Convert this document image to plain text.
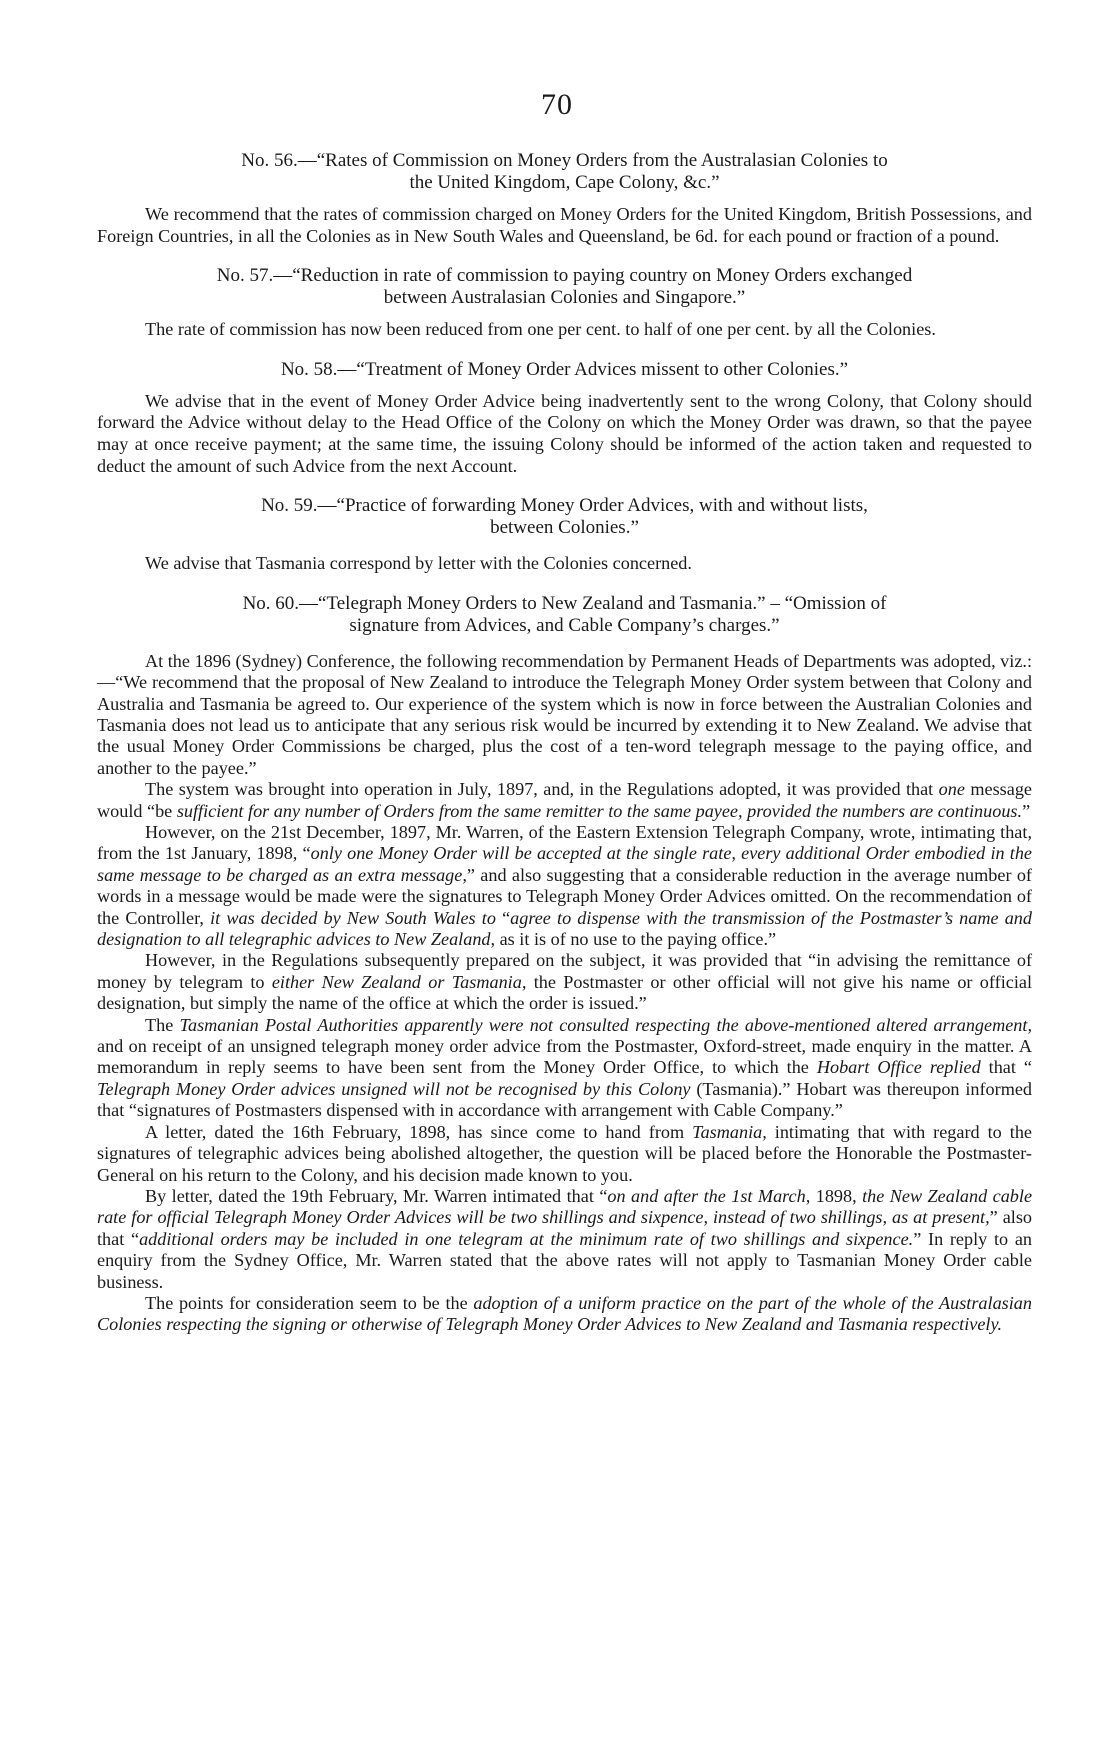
70
No. 56.—“Rates of Commission on Money Orders from the Australasian Colonies to
the United Kingdom, Cape Colony, &c.”

We recommend that the rates of commission charged on Money Orders for the United Kingdom, British Possessions, and Foreign Countries, in all the Colonies as in New South Wales and Queensland, be 6d. for each pound or fraction of a pound.

No. 57.—“Reduction in rate of commission to paying country on Money Orders exchanged
between Australasian Colonies and Singapore.”

The rate of commission has now been reduced from one per cent. to half of one per cent. by all the Colonies.

No. 58.—“Treatment of Money Order Advices missent to other Colonies.”

We advise that in the event of Money Order Advice being inadvertently sent to the wrong Colony, that Colony should forward the Advice without delay to the Head Office of the Colony on which the Money Order was drawn, so that the payee may at once receive payment; at the same time, the issuing Colony should be informed of the action taken and requested to deduct the amount of such Advice from the next Account.

No. 59.—“Practice of forwarding Money Order Advices, with and without lists,
between Colonies.”

We advise that Tasmania correspond by letter with the Colonies concerned.

No. 60.—“Telegraph Money Orders to New Zealand and Tasmania.” – “Omission of
signature from Advices, and Cable Company’s charges.”

At the 1896 (Sydney) Conference, the following recommendation by Permanent Heads of Departments was adopted, viz.:—“We recommend that the proposal of New Zealand to introduce the Telegraph Money Order system between that Colony and Australia and Tasmania be agreed to. Our experience of the system which is now in force between the Australian Colonies and Tasmania does not lead us to anticipate that any serious risk would be incurred by extending it to New Zealand. We advise that the usual Money Order Commissions be charged, plus the cost of a ten-word telegraph message to the paying office, and another to the payee.”

The system was brought into operation in July, 1897, and, in the Regulations adopted, it was provided that one message would “be sufficient for any number of Orders from the same remitter to the same payee, provided the numbers are continuous.”

However, on the 21st December, 1897, Mr. Warren, of the Eastern Extension Telegraph Company, wrote, intimating that, from the 1st January, 1898, “only one Money Order will be accepted at the single rate, every additional Order embodied in the same message to be charged as an extra message,” and also suggesting that a considerable reduction in the average number of words in a message would be made were the signatures to Telegraph Money Order Advices omitted. On the recommendation of the Controller, it was decided by New South Wales to “agree to dispense with the transmission of the Postmaster’s name and designation to all telegraphic advices to New Zealand, as it is of no use to the paying office.”

However, in the Regulations subsequently prepared on the subject, it was provided that “in advising the remittance of money by telegram to either New Zealand or Tasmania, the Postmaster or other official will not give his name or official designation, but simply the name of the office at which the order is issued.”

The Tasmanian Postal Authorities apparently were not consulted respecting the above-mentioned altered arrangement, and on receipt of an unsigned telegraph money order advice from the Postmaster, Oxford-street, made enquiry in the matter. A memorandum in reply seems to have been sent from the Money Order Office, to which the Hobart Office replied that “ Telegraph Money Order advices unsigned will not be recognised by this Colony (Tasmania).” Hobart was thereupon informed that “signatures of Postmasters dispensed with in accordance with arrangement with Cable Company.”

A letter, dated the 16th February, 1898, has since come to hand from Tasmania, intimating that with regard to the signatures of telegraphic advices being abolished altogether, the question will be placed before the Honorable the Postmaster-General on his return to the Colony, and his decision made known to you.

By letter, dated the 19th February, Mr. Warren intimated that “on and after the 1st March, 1898, the New Zealand cable rate for official Telegraph Money Order Advices will be two shillings and sixpence, instead of two shillings, as at present,” also that “additional orders may be included in one telegram at the minimum rate of two shillings and sixpence.” In reply to an enquiry from the Sydney Office, Mr. Warren stated that the above rates will not apply to Tasmanian Money Order cable business.

The points for consideration seem to be the adoption of a uniform practice on the part of the whole of the Australasian Colonies respecting the signing or otherwise of Telegraph Money Order Advices to New Zealand and Tasmania respectively.
